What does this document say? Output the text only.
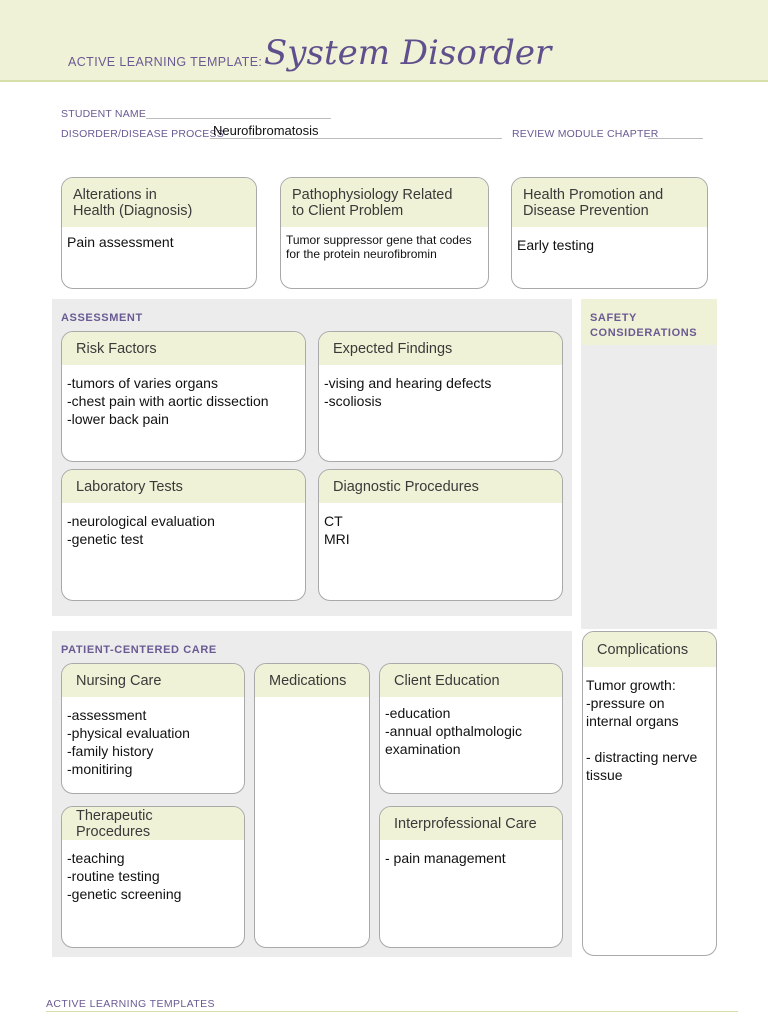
ACTIVE LEARNING TEMPLATE: System Disorder
STUDENT NAME
DISORDER/DISEASE PROCESS
Neurofibromatosis	REVIEW MODULE CHAPTER
Alterations in
Health (Diagnosis)
Pain assessment
Pathophysiology Related
to Client Problem
Tumor suppressor gene that codes
for the protein neurofibromin
Health Promotion and
Disease Prevention
Early testing
ASSESSMENT
Risk Factors
-tumors of varies organs
-chest pain with aortic dissection
-lower back pain
Expected Findings
-vising and hearing defects
-scoliosis
Laboratory Tests
-neurological evaluation
-genetic test
Diagnostic Procedures
CT
MRI
SAFETY
CONSIDERATIONS
PATIENT-CENTERED CARE
Nursing Care
-assessment
-physical evaluation
-family history
-monitiring
Medications	Client Education
-education
-annual opthalmologic
examination
Therapeutic Procedures
-teaching
-routine testing
-genetic screening
Interprofessional Care
- pain management
Complications
Tumor growth:
-pressure on
internal organs

- distracting nerve
tissue
ACTIVE LEARNING TEMPLATES
